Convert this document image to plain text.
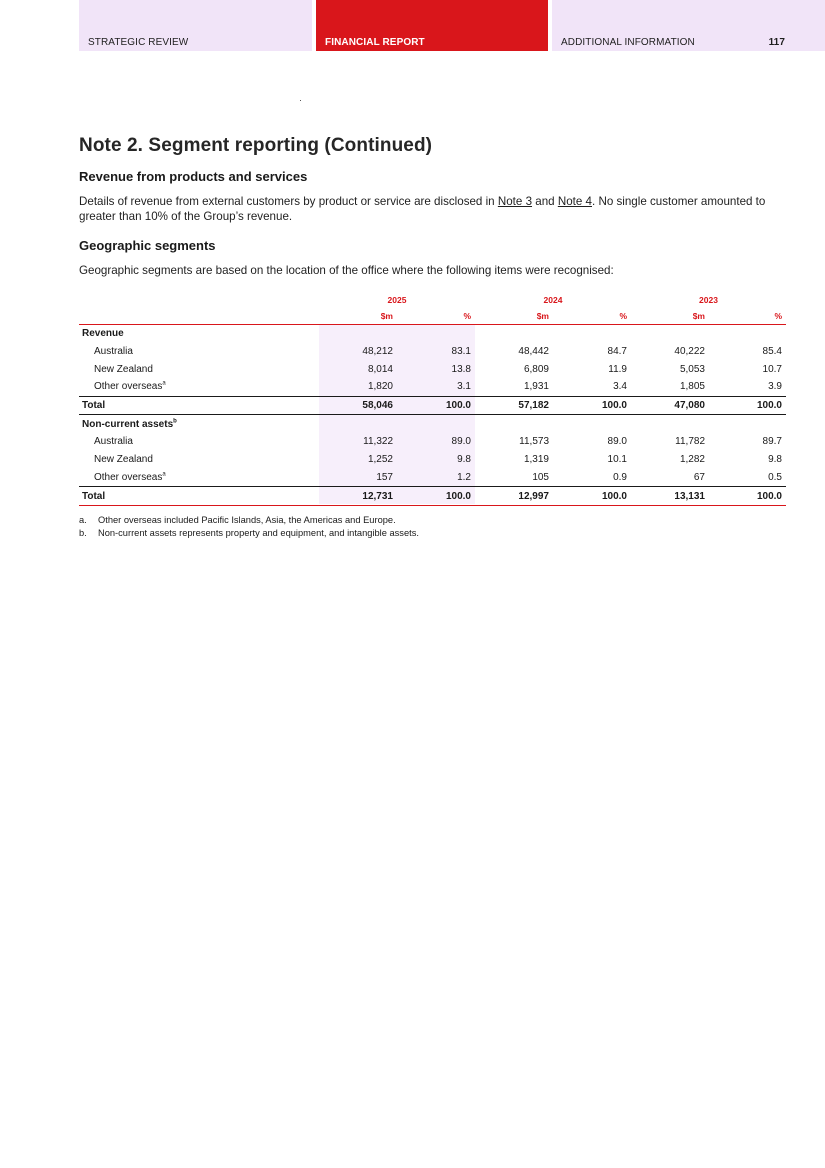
STRATEGIC REVIEW	FINANCIAL REPORT	ADDITIONAL INFORMATION	117
Note 2. Segment reporting (Continued)
Revenue from products and services

Details of revenue from external customers by product or service are disclosed in Note 3 and Note 4. No single customer amounted to greater than 10% of the Group’s revenue.

Geographic segments

Geographic segments are based on the location of the office where the following items were recognised:

	2025		2024		2023	
	$m	%	$m	%	$m	%
Revenue						
Australia	48,212	83.1	48,442	84.7	40,222	85.4
New Zealand	8,014	13.8	6,809	11.9	5,053	10.7
Other overseas$^a$	1,820	3.1	1,931	3.4	1,805	3.9
Total	58,046	100.0	57,182	100.0	47,080	100.0
Non-current assets$^b$
Australia	11,322	89.0	11,573	89.0	11,782	89.7
New Zealand	1,252	9.8	1,319	10.1	1,282	9.8
Other overseas$^a$	157	1.2	105	0.9	67	0.5
Total	12,731	100.0	12,997	100.0	13,131	100.0
a. Other overseas included Pacific Islands, Asia, the Americas and Europe.
b. Non-current assets represents property and equipment, and intangible assets.
